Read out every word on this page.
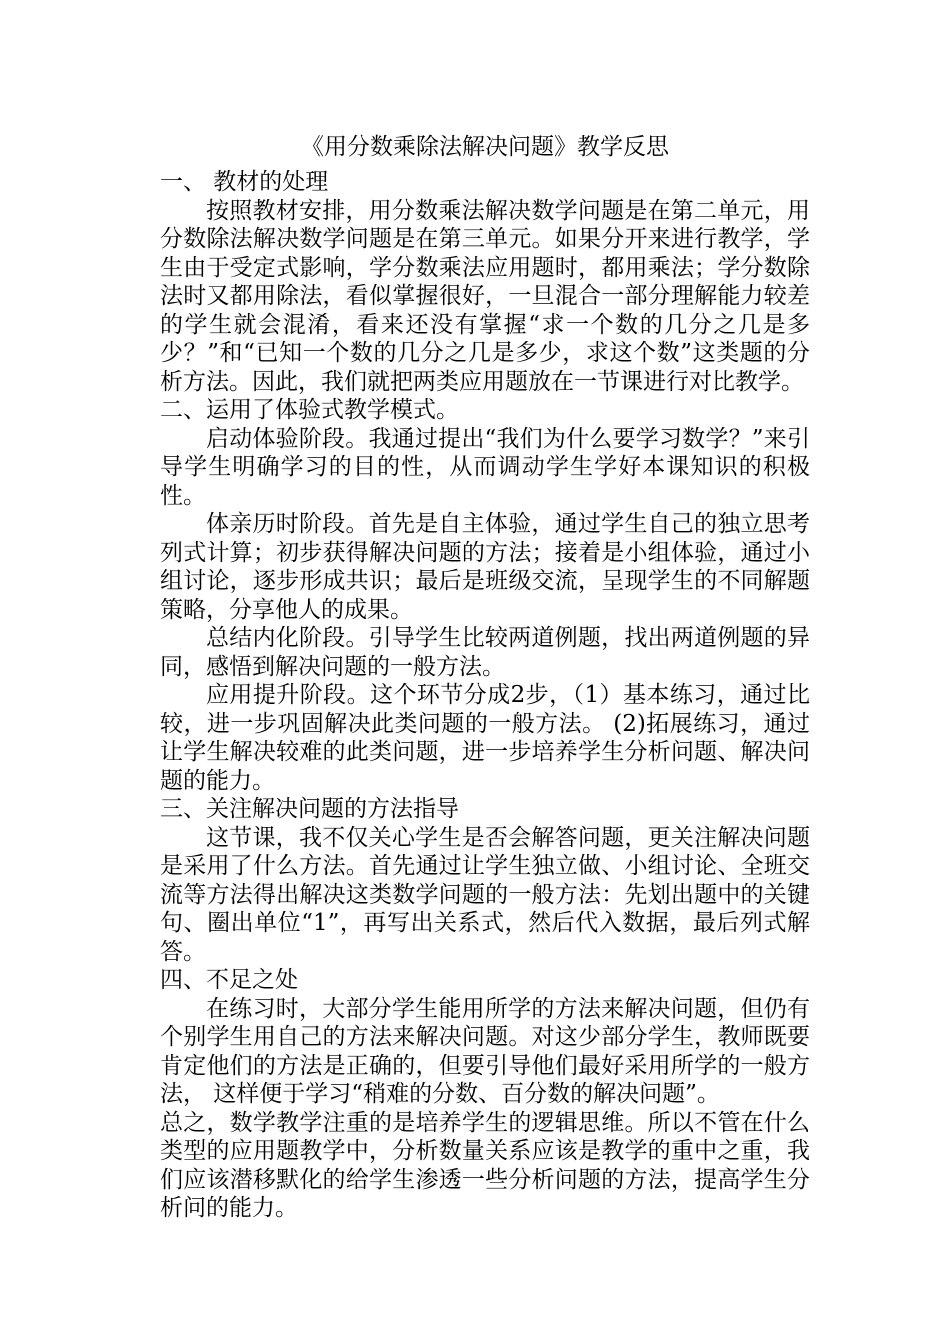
《用分数乘除法解决问题》教学反思

一、 教材的处理

按照教材安排，用分数乘法解决数学问题是在第二单元，用分数除法解决数学问题是在第三单元。如果分开来进行教学，学生由于受定式影响，学分数乘法应用题时，都用乘法；学分数除法时又都用除法，看似掌握很好，一旦混合一部分理解能力较差的学生就会混淆，看来还没有掌握“求一个数的几分之几是多少？”和“已知一个数的几分之几是多少，求这个数”这类题的分析方法。因此，我们就把两类应用题放在一节课进行对比教学。

二、运用了体验式教学模式。

启动体验阶段。我通过提出“我们为什么要学习数学？”来引导学生明确学习的目的性，从而调动学生学好本课知识的积极性。

体亲历时阶段。首先是自主体验，通过学生自己的独立思考列式计算；初步获得解决问题的方法；接着是小组体验，通过小组讨论，逐步形成共识；最后是班级交流，呈现学生的不同解题策略，分享他人的成果。

总结内化阶段。引导学生比较两道例题，找出两道例题的异同，感悟到解决问题的一般方法。

应用提升阶段。这个环节分成2步，（1）基本练习，通过比较，进一步巩固解决此类问题的一般方法。 (2)拓展练习，通过让学生解决较难的此类问题，进一步培养学生分析问题、解决问题的能力。

三、关注解决问题的方法指导

这节课，我不仅关心学生是否会解答问题，更关注解决问题是采用了什么方法。首先通过让学生独立做、小组讨论、全班交流等方法得出解决这类数学问题的一般方法：先划出题中的关键句、圈出单位“1”，再写出关系式，然后代入数据，最后列式解答。

四、不足之处

在练习时，大部分学生能用所学的方法来解决问题，但仍有个别学生用自己的方法来解决问题。对这少部分学生，教师既要肯定他们的方法是正确的，但要引导他们最好采用所学的一般方法， 这样便于学习“稍难的分数、百分数的解决问题”。

总之，数学教学注重的是培养学生的逻辑思维。所以不管在什么类型的应用题教学中，分析数量关系应该是教学的重中之重，我们应该潜移默化的给学生渗透一些分析问题的方法，提高学生分析问的能力。
